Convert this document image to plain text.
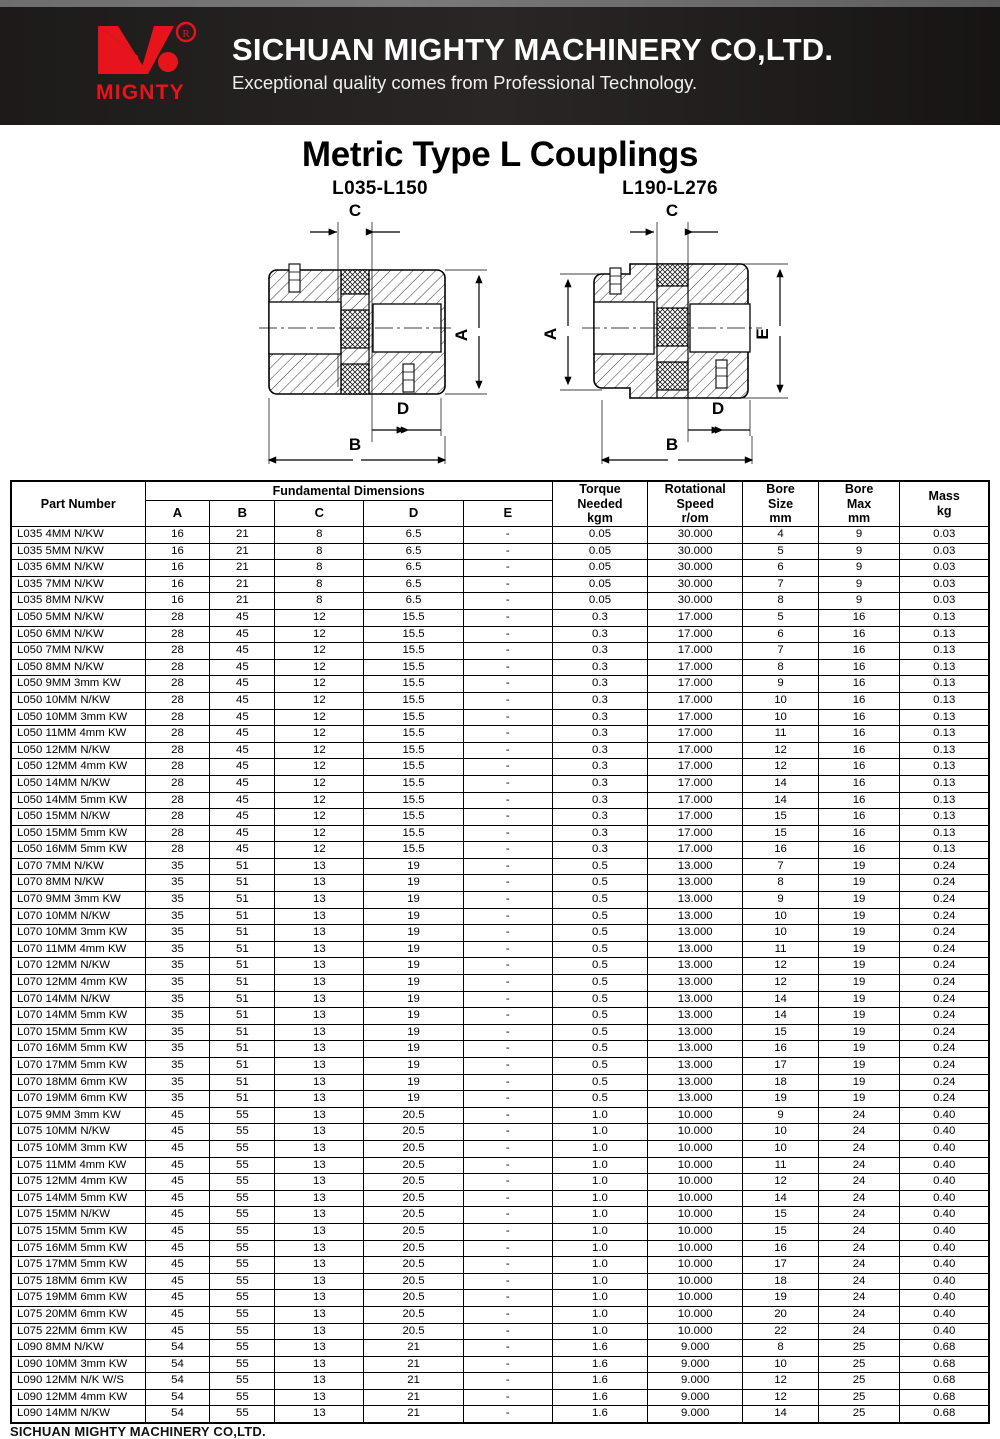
R
MIGNTY
SICHUAN MIGHTY MACHINERY CO,LTD.
Exceptional quality comes from Professional Technology.
Metric Type L Couplings
L035-L150
C
A
D
B
L190-L276
C
A	E
D
B
Part Number	Fundamental Dimensions					Torque
Needed
kgm	Rotational
Speed
r/om	Bore
Size
mm	Bore
Max
mm	Mass
kg
	A	B	C	D	E					
L035 4MM N/KW	16	21	8	6.5	-	0.05	30.000	4	9	0.03
L035 5MM N/KW	16	21	8	6.5	-	0.05	30.000	5	9	0.03
L035 6MM N/KW	16	21	8	6.5	-	0.05	30.000	6	9	0.03
L035 7MM N/KW	16	21	8	6.5	-	0.05	30.000	7	9	0.03
L035 8MM N/KW	16	21	8	6.5	-	0.05	30.000	8	9	0.03
L050 5MM N/KW	28	45	12	15.5	-	0.3	17.000	5	16	0.13
L050 6MM N/KW	28	45	12	15.5	-	0.3	17.000	6	16	0.13
L050 7MM N/KW	28	45	12	15.5	-	0.3	17.000	7	16	0.13
L050 8MM N/KW	28	45	12	15.5	-	0.3	17.000	8	16	0.13
L050 9MM 3mm KW	28	45	12	15.5	-	0.3	17.000	9	16	0.13
L050 10MM N/KW	28	45	12	15.5	-	0.3	17.000	10	16	0.13
L050 10MM 3mm KW	28	45	12	15.5	-	0.3	17.000	10	16	0.13
L050 11MM 4mm KW	28	45	12	15.5	-	0.3	17.000	11	16	0.13
L050 12MM N/KW	28	45	12	15.5	-	0.3	17.000	12	16	0.13
L050 12MM 4mm KW	28	45	12	15.5	-	0.3	17.000	12	16	0.13
L050 14MM N/KW	28	45	12	15.5	-	0.3	17.000	14	16	0.13
L050 14MM 5mm KW	28	45	12	15.5	-	0.3	17.000	14	16	0.13
L050 15MM N/KW	28	45	12	15.5	-	0.3	17.000	15	16	0.13
L050 15MM 5mm KW	28	45	12	15.5	-	0.3	17.000	15	16	0.13
L050 16MM 5mm KW	28	45	12	15.5	-	0.3	17.000	16	16	0.13
L070 7MM N/KW	35	51	13	19	-	0.5	13.000	7	19	0.24
L070 8MM N/KW	35	51	13	19	-	0.5	13.000	8	19	0.24
L070 9MM 3mm KW	35	51	13	19	-	0.5	13.000	9	19	0.24
L070 10MM N/KW	35	51	13	19	-	0.5	13.000	10	19	0.24
L070 10MM 3mm KW	35	51	13	19	-	0.5	13.000	10	19	0.24
L070 11MM 4mm KW	35	51	13	19	-	0.5	13.000	11	19	0.24
L070 12MM N/KW	35	51	13	19	-	0.5	13.000	12	19	0.24
L070 12MM 4mm KW	35	51	13	19	-	0.5	13.000	12	19	0.24
L070 14MM N/KW	35	51	13	19	-	0.5	13.000	14	19	0.24
L070 14MM 5mm KW	35	51	13	19	-	0.5	13.000	14	19	0.24
L070 15MM 5mm KW	35	51	13	19	-	0.5	13.000	15	19	0.24
L070 16MM 5mm KW	35	51	13	19	-	0.5	13.000	16	19	0.24
L070 17MM 5mm KW	35	51	13	19	-	0.5	13.000	17	19	0.24
L070 18MM 6mm KW	35	51	13	19	-	0.5	13.000	18	19	0.24
L070 19MM 6mm KW	35	51	13	19	-	0.5	13.000	19	19	0.24
L075 9MM 3mm KW	45	55	13	20.5	-	1.0	10.000	9	24	0.40
L075 10MM N/KW	45	55	13	20.5	-	1.0	10.000	10	24	0.40
L075 10MM 3mm KW	45	55	13	20.5	-	1.0	10.000	10	24	0.40
L075 11MM 4mm KW	45	55	13	20.5	-	1.0	10.000	11	24	0.40
L075 12MM 4mm KW	45	55	13	20.5	-	1.0	10.000	12	24	0.40
L075 14MM 5mm KW	45	55	13	20.5	-	1.0	10.000	14	24	0.40
L075 15MM N/KW	45	55	13	20.5	-	1.0	10.000	15	24	0.40
L075 15MM 5mm KW	45	55	13	20.5	-	1.0	10.000	15	24	0.40
L075 16MM 5mm KW	45	55	13	20.5	-	1.0	10.000	16	24	0.40
L075 17MM 5mm KW	45	55	13	20.5	-	1.0	10.000	17	24	0.40
L075 18MM 6mm KW	45	55	13	20.5	-	1.0	10.000	18	24	0.40
L075 19MM 6mm KW	45	55	13	20.5	-	1.0	10.000	19	24	0.40
L075 20MM 6mm KW	45	55	13	20.5	-	1.0	10.000	20	24	0.40
L075 22MM 6mm KW	45	55	13	20.5	-	1.0	10.000	22	24	0.40
L090 8MM N/KW	54	55	13	21	-	1.6	9.000	8	25	0.68
L090 10MM 3mm KW	54	55	13	21	-	1.6	9.000	10	25	0.68
L090 12MM N/K W/S	54	55	13	21	-	1.6	9.000	12	25	0.68
L090 12MM 4mm KW	54	55	13	21	-	1.6	9.000	12	25	0.68
L090 14MM N/KW	54	55	13	21	-	1.6	9.000	14	25	0.68
SICHUAN MIGHTY MACHINERY CO,LTD.
